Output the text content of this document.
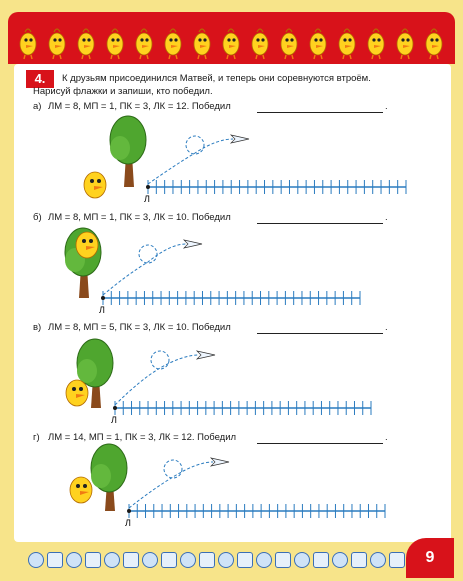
4.	К друзьям присоединился Матвей, и теперь они соревнуются втроём.
Нарисуй флажки и запиши, кто победил.
а) ЛМ = 8, МП = 1, ПК = 3, ЛК = 12. Победил	.
Л
б) ЛМ = 8, МП = 1, ПК = 3, ЛК = 10. Победил	.
Л
в) ЛМ = 8, МП = 5, ПК = 3, ЛК = 10. Победил	.
Л
г) ЛМ = 14, МП = 1, ПК = 3, ЛК = 12. Победил	.
Л
9
